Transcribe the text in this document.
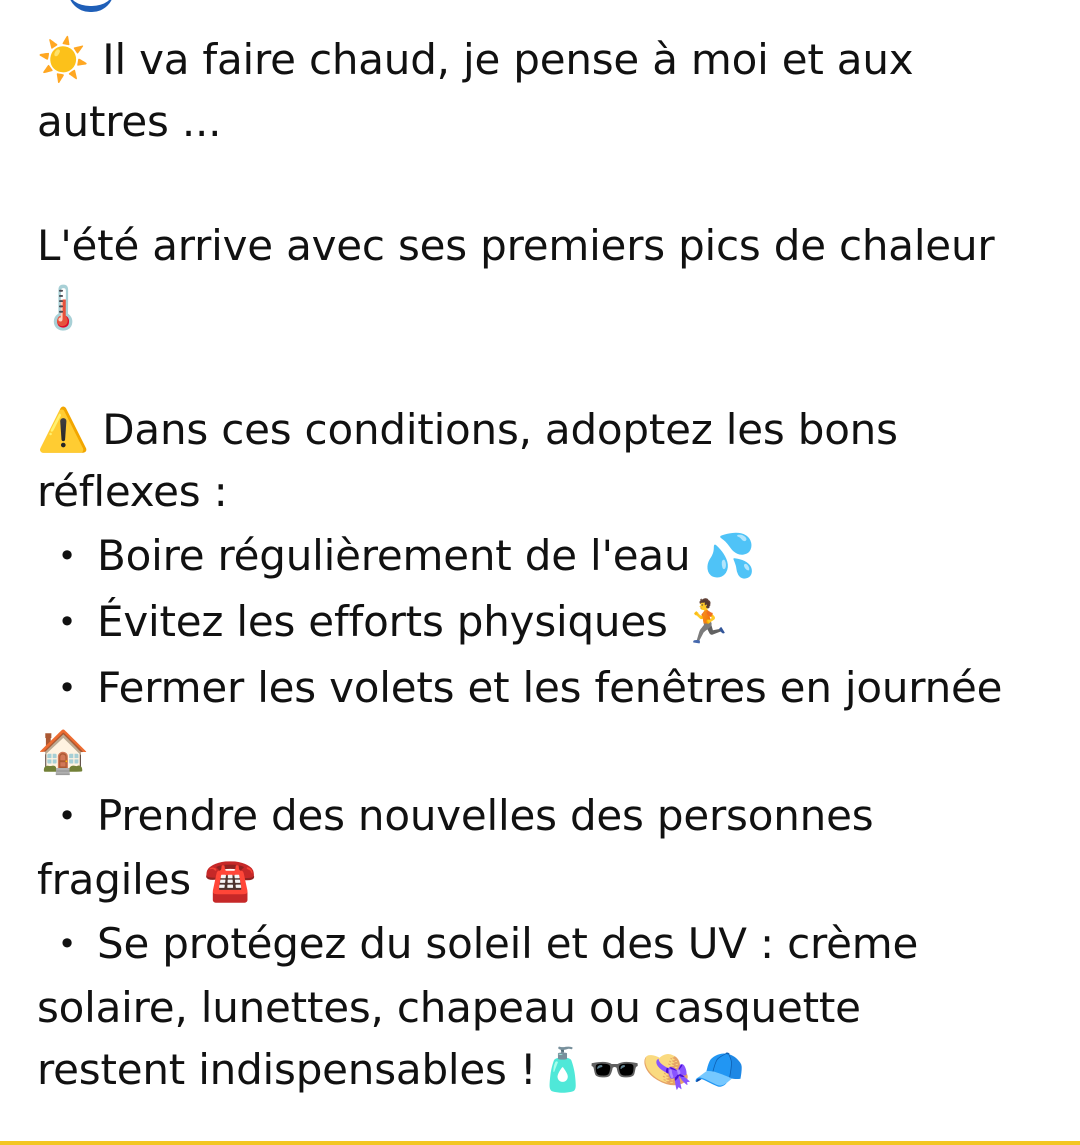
☀️ Il va faire chaud, je pense à moi et aux
autres ...
L'été arrive avec ses premiers pics de chaleur
🌡️
⚠️ Dans ces conditions, adoptez les bons
réflexes :
• Boire régulièrement de l'eau
💦
• Évitez les efforts physiques
🏃
• Fermer les volets et les fenêtres en journée
🏠
• Prendre des nouvelles des personnes
fragiles ☎️
• Se protégez du soleil et des UV : crème
solaire, lunettes, chapeau ou casquette
restent indispensables !🧴🕶️👒🧢
